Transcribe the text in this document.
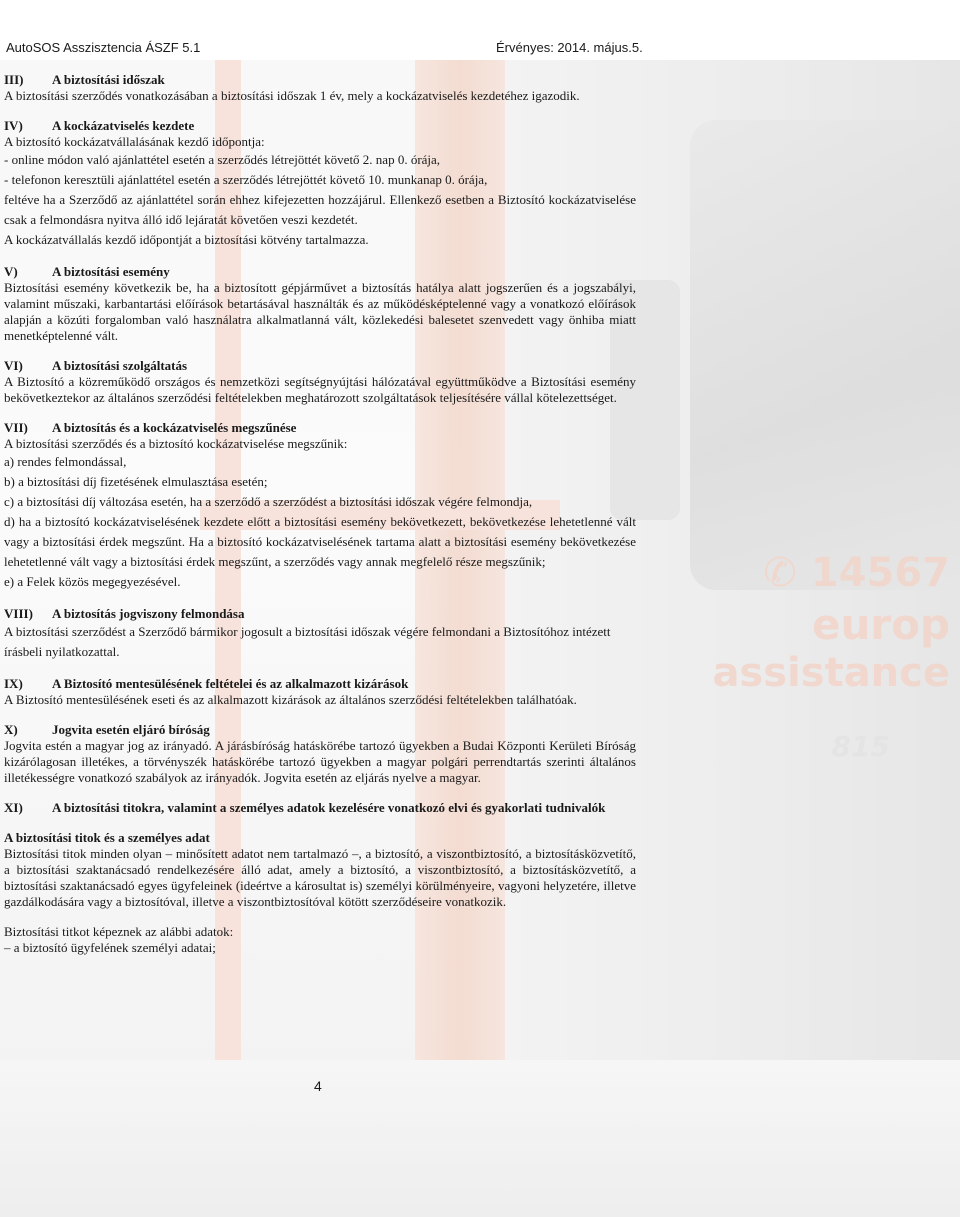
✆ 14567
europ
assistance
815
AutoSOS Asszisztencia ÁSZF 5.1	Érvényes: 2014. május.5.

III) A biztosítási időszak

A biztosítási szerződés vonatkozásában a biztosítási időszak 1 év, mely a kockázatviselés kezdetéhez igazodik.

IV) A kockázatviselés kezdete

A biztosító kockázatvállalásának kezdő időpontja:

- online módon való ajánlattétel esetén a szerződés létrejöttét követő 2. nap 0. órája,

- telefonon keresztüli ajánlattétel esetén a szerződés létrejöttét követő 10. munkanap 0. órája,

feltéve ha a Szerződő az ajánlattétel során ehhez kifejezetten hozzájárul. Ellenkező esetben a Biztosító kockázatviselése csak a felmondásra nyitva álló idő lejáratát követően veszi kezdetét.

A kockázatvállalás kezdő időpontját a biztosítási kötvény tartalmazza.

V)	A biztosítási esemény

Biztosítási esemény következik be, ha a biztosított gépjárművet a biztosítás hatálya alatt jogszerűen és a jogszabályi, valamint műszaki, karbantartási előírások betartásával használták és az működésképtelenné vagy a vonatkozó előírások alapján a közúti forgalomban való használatra alkalmatlanná vált, közlekedési balesetet szenvedett vagy önhiba miatt menetképtelenné vált.

VI) A biztosítási szolgáltatás

A Biztosító a közreműködő országos és nemzetközi segítségnyújtási hálózatával együttműködve a Biztosítási esemény bekövetkeztekor az általános szerződési feltételekben meghatározott szolgáltatások teljesítésére vállal kötelezettséget.

VII) A biztosítás és a kockázatviselés megszűnése

A biztosítási szerződés és a biztosító kockázatviselése megszűnik:

a) rendes felmondással,

b) a biztosítási díj fizetésének elmulasztása esetén;

c) a biztosítási díj változása esetén, ha a szerződő a szerződést a biztosítási időszak végére felmondja,

d) ha a biztosító kockázatviselésének kezdete előtt a biztosítási esemény bekövetkezett, bekövetkezése lehetetlenné vált vagy a biztosítási érdek megszűnt. Ha a biztosító kockázatviselésének tartama alatt a biztosítási esemény bekövetkezése lehetetlenné vált vagy a biztosítási érdek megszűnt, a szerződés vagy annak megfelelő része megszűnik;

e) a Felek közös megegyezésével.

VIII) A biztosítás jogviszony felmondása

A biztosítási szerződést a Szerződő bármikor jogosult a biztosítási időszak végére felmondani a Biztosítóhoz intézett írásbeli nyilatkozattal.

IX) A Biztosító mentesülésének feltételei és az alkalmazott kizárások

A Biztosító mentesülésének eseti és az alkalmazott kizárások az általános szerződési feltételekben találhatóak.

X)	Jogvita esetén eljáró bíróság

Jogvita estén a magyar jog az irányadó. A járásbíróság hatáskörébe tartozó ügyekben a Budai Központi Kerületi Bíróság kizárólagosan illetékes, a törvényszék hatáskörébe tartozó ügyekben a magyar polgári perrendtartás szerinti általános illetékességre vonatkozó szabályok az irányadók. Jogvita esetén az eljárás nyelve a magyar.

XI)	A biztosítási titokra, valamint a személyes adatok kezelésére vonatkozó elvi és gyakorlati tudnivalók

A biztosítási titok és a személyes adat

Biztosítási titok minden olyan – minősített adatot nem tartalmazó –, a biztosító, a viszontbiztosító, a biztosításközvetítő, a biztosítási szaktanácsadó rendelkezésére álló adat, amely a biztosító, a viszontbiztosító, a biztosításközvetítő, a biztosítási szaktanácsadó egyes ügyfeleinek (ideértve a károsultat is) személyi körülményeire, vagyoni helyzetére, illetve gazdálkodására vagy a biztosítóval, illetve a viszontbiztosítóval kötött szerződéseire vonatkozik.

Biztosítási titkot képeznek az alábbi adatok:

– a biztosító ügyfelének személyi adatai;

4
